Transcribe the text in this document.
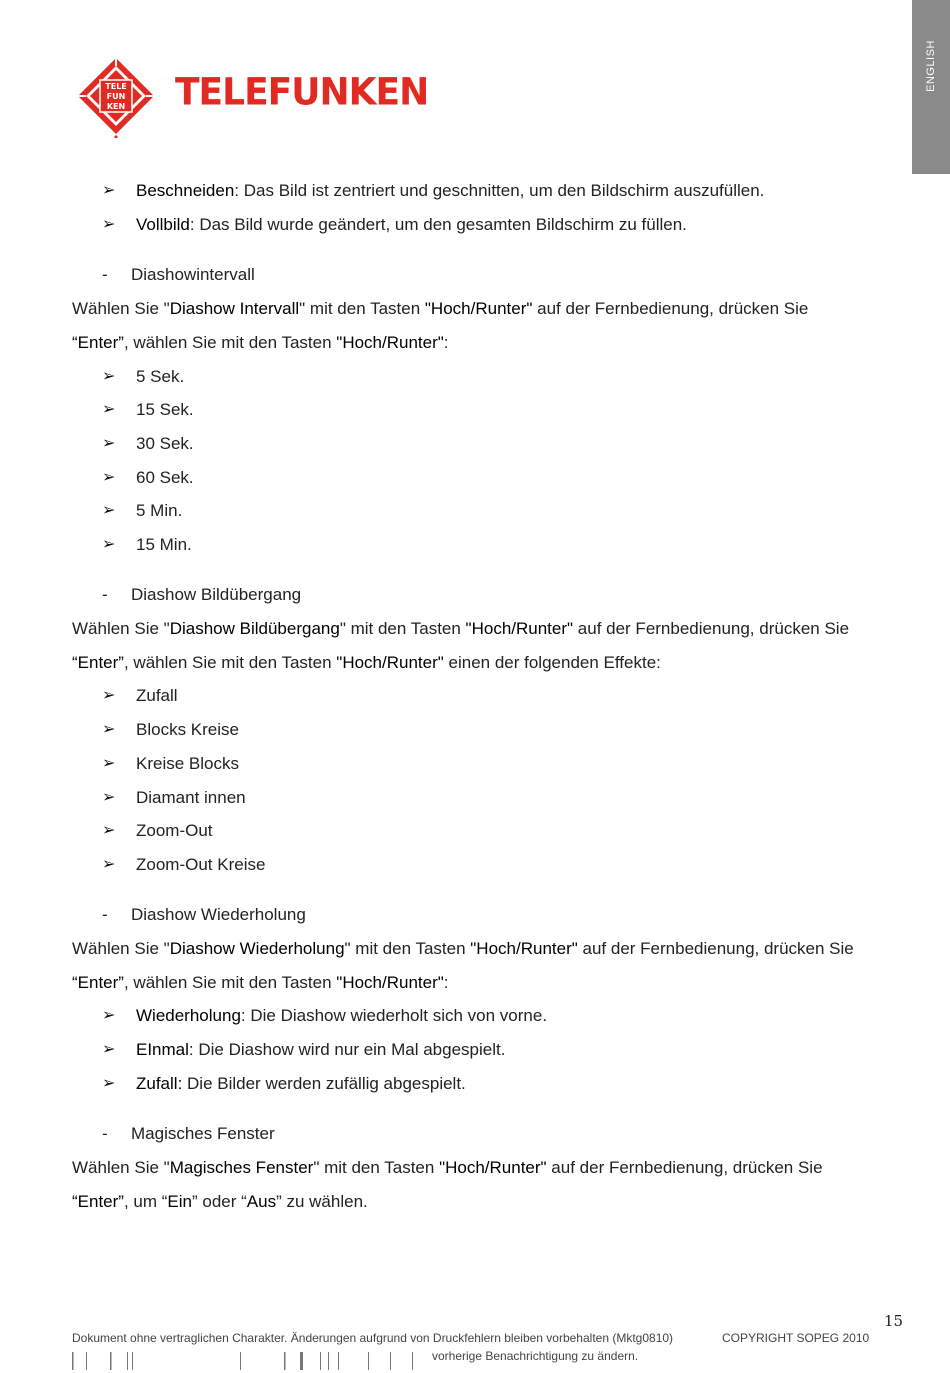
ENGLISH
TELE
FUN
KEN TELEFUNKEN
➢ Beschneiden: Das Bild ist zentriert und geschnitten, um den Bildschirm auszufüllen.
➢ Vollbild: Das Bild wurde geändert, um den gesamten Bildschirm zu füllen.
- Diashowintervall
Wählen Sie "Diashow Intervall" mit den Tasten "Hoch/Runter" auf der Fernbedienung, drücken Sie
“Enter”, wählen Sie mit den Tasten "Hoch/Runter":
➢ 5 Sek.
➢ 15 Sek.
➢ 30 Sek.
➢ 60 Sek.
➢ 5 Min.
➢ 15 Min.
- Diashow Bildübergang
Wählen Sie "Diashow Bildübergang" mit den Tasten "Hoch/Runter" auf der Fernbedienung, drücken Sie
“Enter”, wählen Sie mit den Tasten "Hoch/Runter" einen der folgenden Effekte:
➢ Zufall
➢ Blocks Kreise
➢ Kreise Blocks
➢ Diamant innen
➢ Zoom-Out
➢ Zoom-Out Kreise
- Diashow Wiederholung
Wählen Sie "Diashow Wiederholung" mit den Tasten "Hoch/Runter" auf der Fernbedienung, drücken Sie
“Enter”, wählen Sie mit den Tasten "Hoch/Runter":
➢ Wiederholung: Die Diashow wiederholt sich von vorne.
➢ EInmal: Die Diashow wird nur ein Mal abgespielt.
➢ Zufall: Die Bilder werden zufällig abgespielt.
- Magisches Fenster
Wählen Sie "Magisches Fenster" mit den Tasten "Hoch/Runter" auf der Fernbedienung, drücken Sie
“Enter”, um “Ein” oder “Aus” zu wählen.
15
Dokument ohne vertraglichen Charakter. Änderungen aufgrund von Druckfehlern bleiben vorbehalten (Mktg0810)	COPYRIGHT SOPEG 2010
vorherige Benachrichtigung zu ändern.
